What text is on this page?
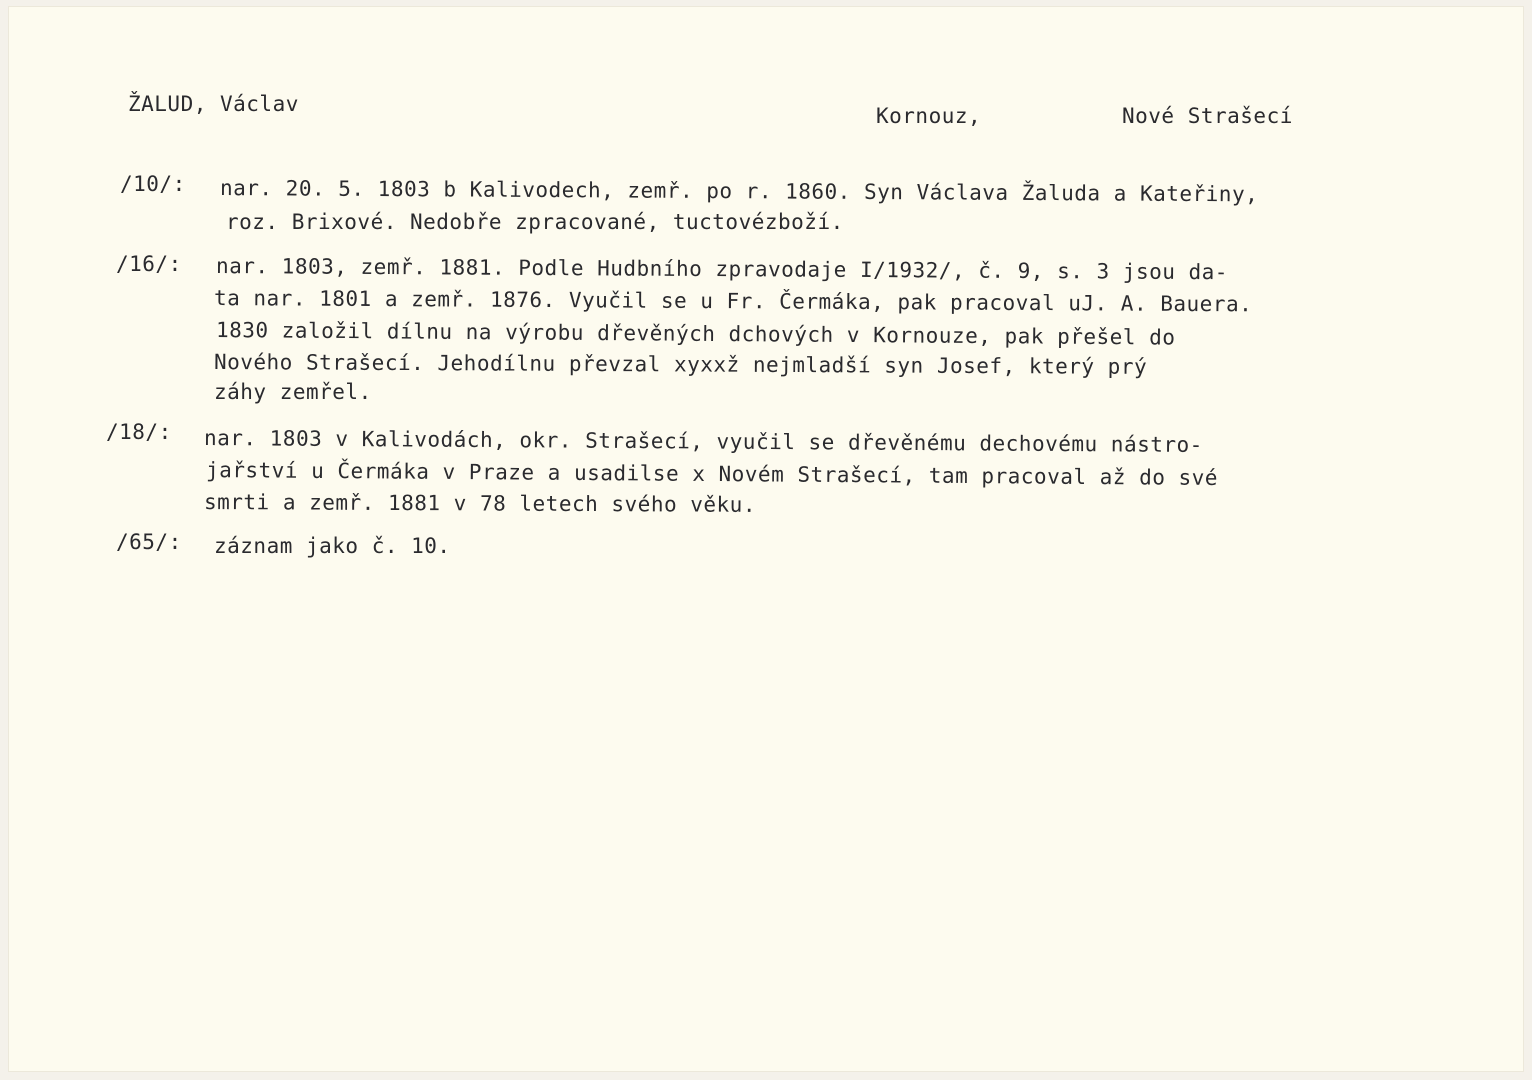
ŽALUD, Václav	Kornouz,	Nové Strašecí
/10/: nar. 20. 5. 1803 b Kalivodech, zemř. po r. 1860. Syn Václava Žaluda a Kateřiny,
roz. Brixové. Nedobře zpracované, tuctovézboží.
/16/: nar. 1803, zemř. 1881. Podle Hudbního zpravodaje I/1932/, č. 9, s. 3 jsou da-
ta nar. 1801 a zemř. 1876. Vyučil se u Fr. Čermáka, pak pracoval uJ. A. Bauera.
1830 založil dílnu na výrobu dřevěných dchových v Kornouze, pak přešel do
Nového Strašecí. Jehodílnu převzal xyxxž nejmladší syn Josef, který prý
záhy zemřel.
/18/: nar. 1803 v Kalivodách, okr. Strašecí, vyučil se dřevěnému dechovému nástro-
jařství u Čermáka v Praze a usadilse x Novém Strašecí, tam pracoval až do své
smrti a zemř. 1881 v 78 letech svého věku.
/65/: záznam jako č. 10.
